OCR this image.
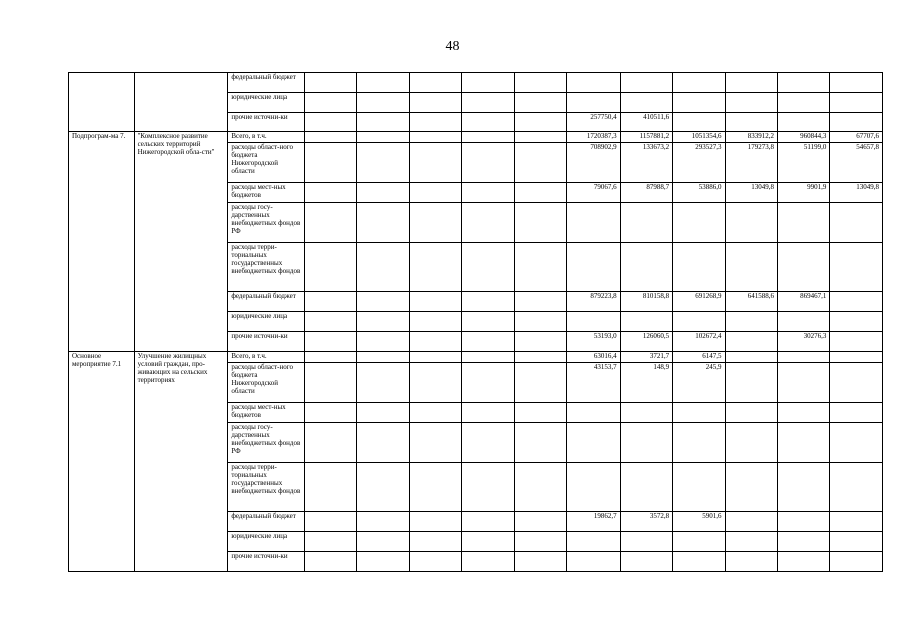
48
		федеральный бюджет											
		юридические лица											
		прочие источни-ки						257750,4	410511,6				
Подпрограм-ма 7.	"Комплексное развитие сельских территорий Нижегородской обла-сти"	Всего, в т.ч.						1720387,3	1157881,2	1051354,6	833912,2	960844,3	67707,6
		расходы област-ного бюджета Нижегородской области						708902,9	133673,2	293527,3	179273,8	51199,0	54657,8
		расходы мест-ных бюджетов						79067,6	87988,7	53886,0	13049,8	9901,9	13049,8
		расходы госу-дарственных внебюджетных фондов РФ											
		расходы терри-ториальных государственных внебюджетных фондов											
		федеральный бюджет						879223,8	810158,8	691268,9	641588,6	869467,1	
		юридические лица											
		прочие источни-ки						53193,0	126060,5	102672,4		30276,3	
Основное мероприятие 7.1	Улучшение жилищных условий граждан, про-живающих на сельских территориях	Всего, в т.ч.						63016,4	3721,7	6147,5			
		расходы област-ного бюджета Нижегородской области						43153,7	148,9	245,9			
		расходы мест-ных бюджетов											
		расходы госу-дарственных внебюджетных фондов РФ											
		расходы терри-ториальных государственных внебюджетных фондов											
		федеральный бюджет						19862,7	3572,8	5901,6			
		юридические лица											
		прочие источни-ки											
